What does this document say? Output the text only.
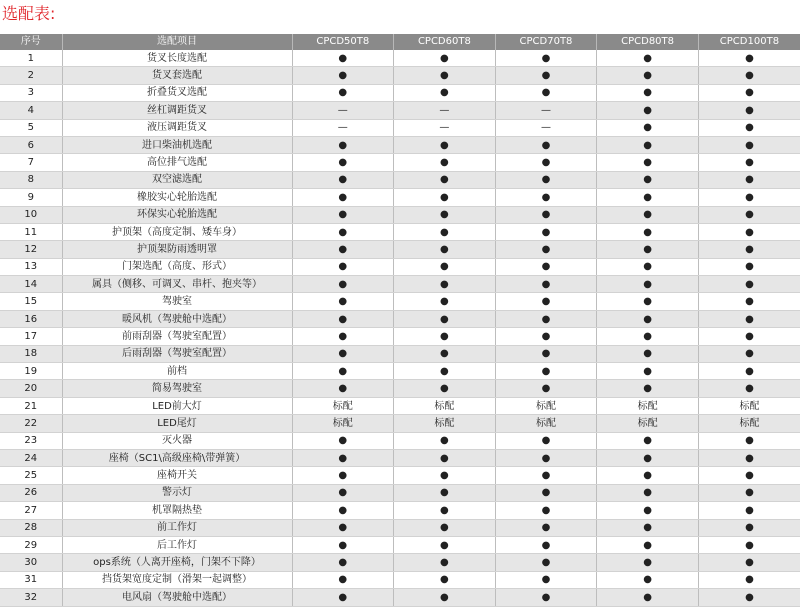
选配表:
序号	选配项目	CPCD50T8	CPCD60T8	CPCD70T8	CPCD80T8	CPCD100T8
1	货叉长度选配	●	●	●	●	●
2	货叉套选配	●	●	●	●	●
3	折叠货叉选配	●	●	●	●	●
4	丝杠调距货叉	—	—	—	●	●
5	液压调距货叉	—	—	—	●	●
6	进口柴油机选配	●	●	●	●	●
7	高位排气选配	●	●	●	●	●
8	双空滤选配	●	●	●	●	●
9	橡胶实心轮胎选配	●	●	●	●	●
10	环保实心轮胎选配	●	●	●	●	●
11	护顶架（高度定制、矮车身）	●	●	●	●	●
12	护顶架防雨透明罩	●	●	●	●	●
13	门架选配（高度、形式）	●	●	●	●	●
14	属具（侧移、可调叉、串杆、抱夹等）	●	●	●	●	●
15	驾驶室	●	●	●	●	●
16	暖风机（驾驶舱中选配）	●	●	●	●	●
17	前雨刮器（驾驶室配置）	●	●	●	●	●
18	后雨刮器（驾驶室配置）	●	●	●	●	●
19	前档	●	●	●	●	●
20	简易驾驶室	●	●	●	●	●
21	LED前大灯	标配	标配	标配	标配	标配
22	LED尾灯	标配	标配	标配	标配	标配
23	灭火器	●	●	●	●	●
24	座椅（SC1\高级座椅\带弹簧）	●	●	●	●	●
25	座椅开关	●	●	●	●	●
26	警示灯	●	●	●	●	●
27	机罩隔热垫	●	●	●	●	●
28	前工作灯	●	●	●	●	●
29	后工作灯	●	●	●	●	●
30	ops系统（人离开座椅，门架不下降）	●	●	●	●	●
31	挡货架宽度定制（滑架一起调整）	●	●	●	●	●
32	电风扇（驾驶舱中选配）	●	●	●	●	●
